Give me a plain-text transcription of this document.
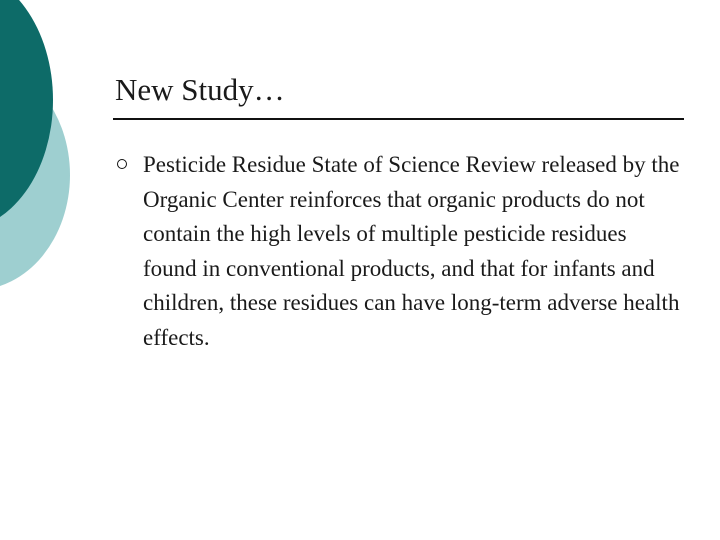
New Study…
Pesticide Residue State of Science Review released by the Organic Center reinforces that organic products do not contain the high levels of multiple pesticide residues found in conventional products, and that for infants and children, these residues can have long-term adverse health effects.
